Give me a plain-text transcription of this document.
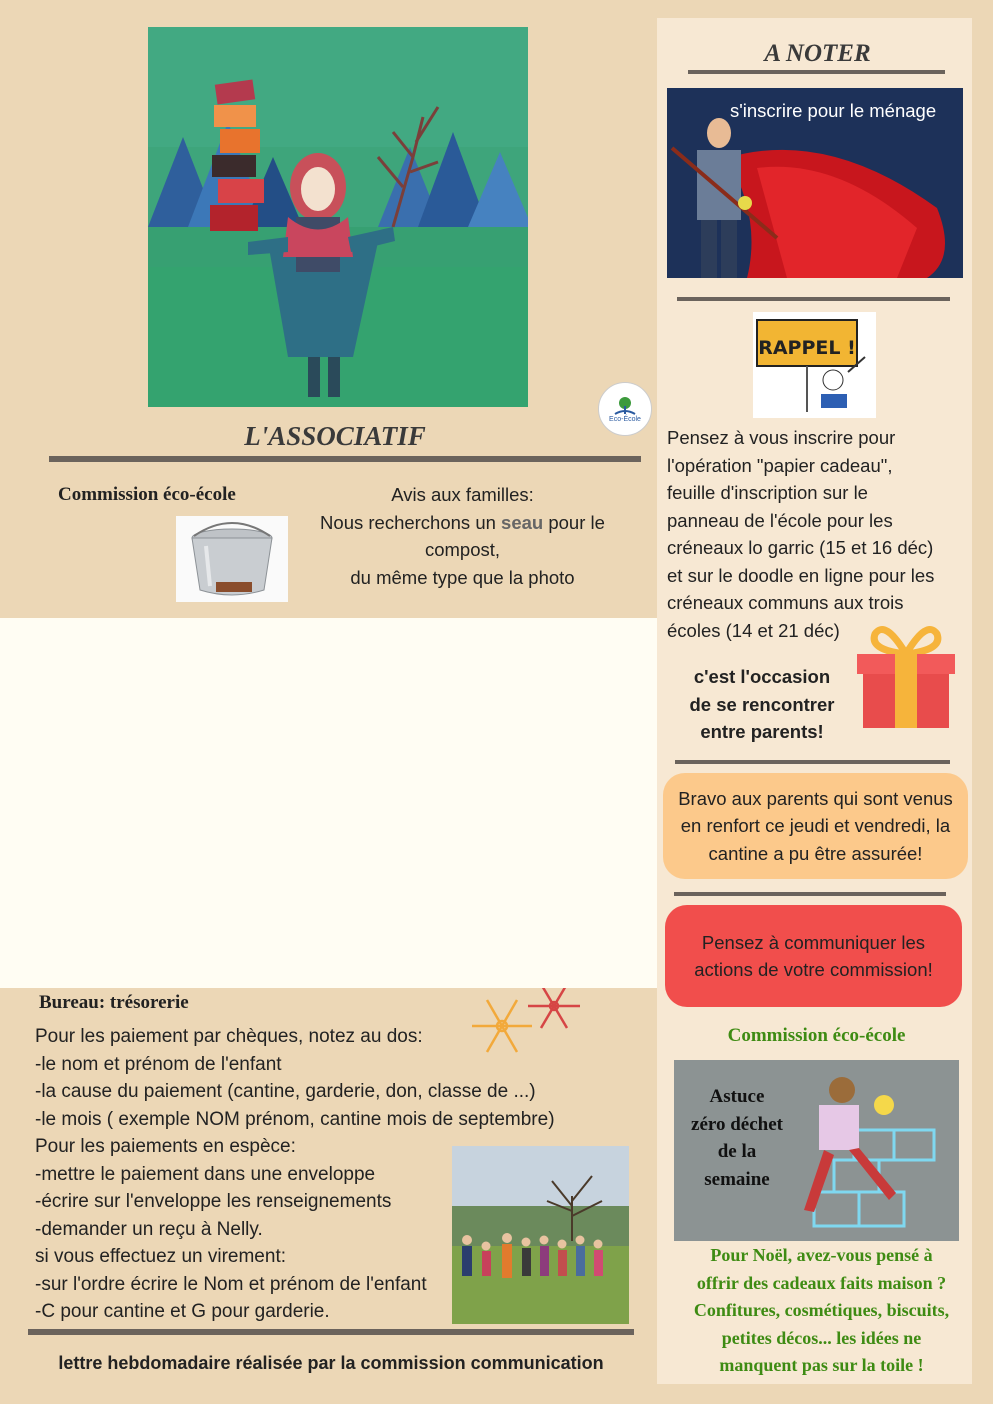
Eco-École
L'ASSOCIATIF
Commission éco-école	Avis aux familles:
Nous recherchons un seau pour le
compost,
du même type que la photo
Bureau: trésorerie
Pour les paiement par chèques, notez au dos:
-le nom et prénom de l'enfant
-la cause du paiement (cantine, garderie, don, classe de ...)
-le mois ( exemple NOM prénom, cantine mois de septembre)
Pour les paiements en espèce:
-mettre le paiement dans une enveloppe
-écrire sur l'enveloppe les renseignements
-demander un reçu à Nelly.
si vous effectuez un virement:
-sur l'ordre écrire le Nom et prénom de l'enfant
-C pour cantine et G pour garderie.
lettre hebdomadaire réalisée par la commission communication
A NOTER
s'inscrire pour le ménage
RAPPEL !
Pensez à vous inscrire pour
l'opération "papier cadeau",
feuille d'inscription sur le
panneau de l'école pour les
créneaux lo garric (15 et 16 déc)
et sur le doodle en ligne pour les
créneaux communs aux trois
écoles (14 et 21 déc)
c'est l'occasion
de se rencontrer
entre parents!
Bravo aux parents qui sont venus en renfort ce jeudi et vendredi, la cantine a pu être assurée!
Pensez à communiquer les actions de votre commission!
Commission éco-école
Astuce
zéro déchet
de la
semaine
Pour Noël, avez-vous pensé à
offrir des cadeaux faits maison ?
Confitures, cosmétiques, biscuits,
petites décos... les idées ne
manquent pas sur la toile !
